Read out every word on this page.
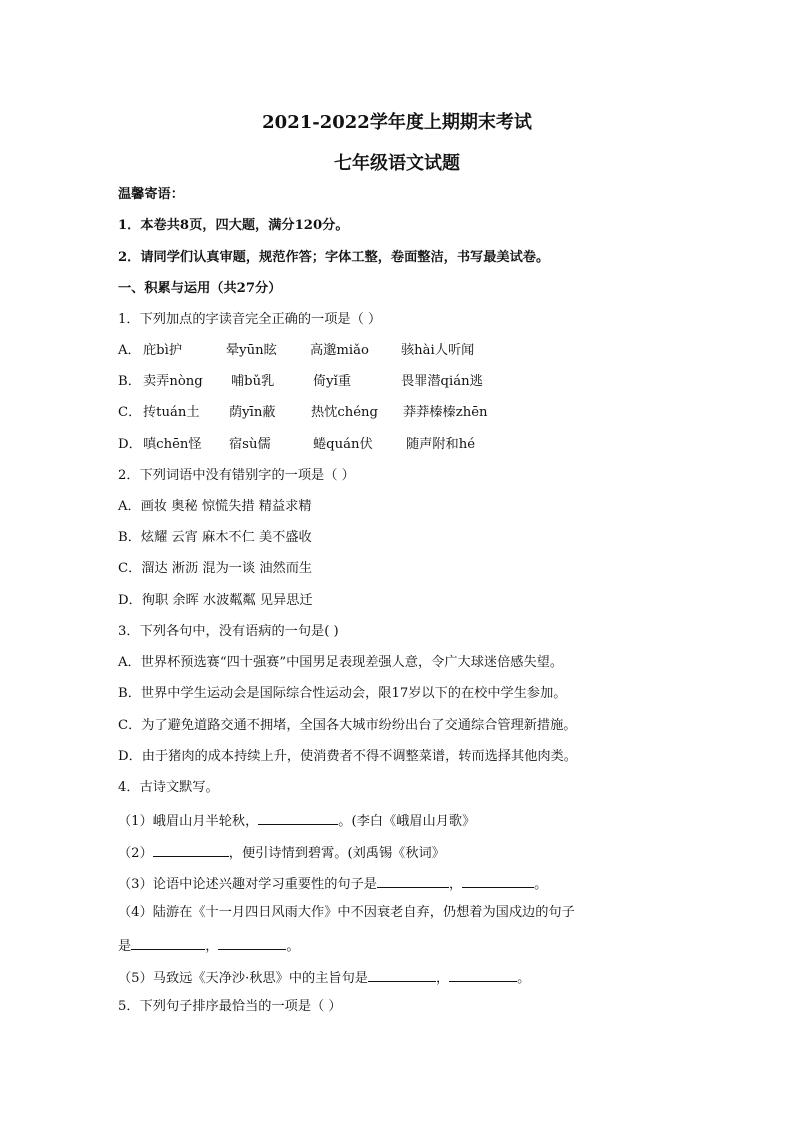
2021-2022学年度上期期末考试
七年级语文试题
温馨寄语：
1．本卷共8页，四大题，满分120分。
2．请同学们认真审题，规范作答；字体工整，卷面整洁，书写最美试卷。
一、积累与运用（共27分）
1．下列加点的字读音完全正确的一项是（ ）
A． 庇bì护	晕yūn眩	高邈miǎo 骇hài人听闻
B． 卖弄nòng 哺bǔ乳	倚yǐ重	畏罪潜qián逃
C． 抟tuán土 荫yīn蔽	热忱chéng 莽莽榛榛zhēn
D． 嗔chēn怪 宿sù儒	蜷quán伏	随声附和hé
2．下列词语中没有错别字的一项是（ ）
A．画妆 奥秘 惊慌失措 精益求精
B．炫耀 云宵 麻木不仁 美不盛收
C．溜达 淅沥 混为一谈 油然而生
D．徇职 余晖 水波粼粼 见异思迁
3．下列各句中，没有语病的一句是( )
A．世界杯预选赛“四十强赛”中国男足表现差强人意，令广大球迷倍感失望。
B．世界中学生运动会是国际综合性运动会，限17岁以下的在校中学生参加。
C．为了避免道路交通不拥堵，全国各大城市纷纷出台了交通综合管理新措施。
D．由于猪肉的成本持续上升，使消费者不得不调整菜谱，转而选择其他肉类。
4．古诗文默写。
（1）峨眉山月半轮秋，	。(李白《峨眉山月歌》
（2）	，便引诗情到碧霄。(刘禹锡《秋词》
（3）论语中论述兴趣对学习重要性的句子是	，	。
（4）陆游在《十一月四日风雨大作》中不因衰老自弃，仍想着为国戍边的句子
是	，	。
（5）马致远《天净沙·秋思》中的主旨句是	，	。
5．下列句子排序最恰当的一项是（ ）
